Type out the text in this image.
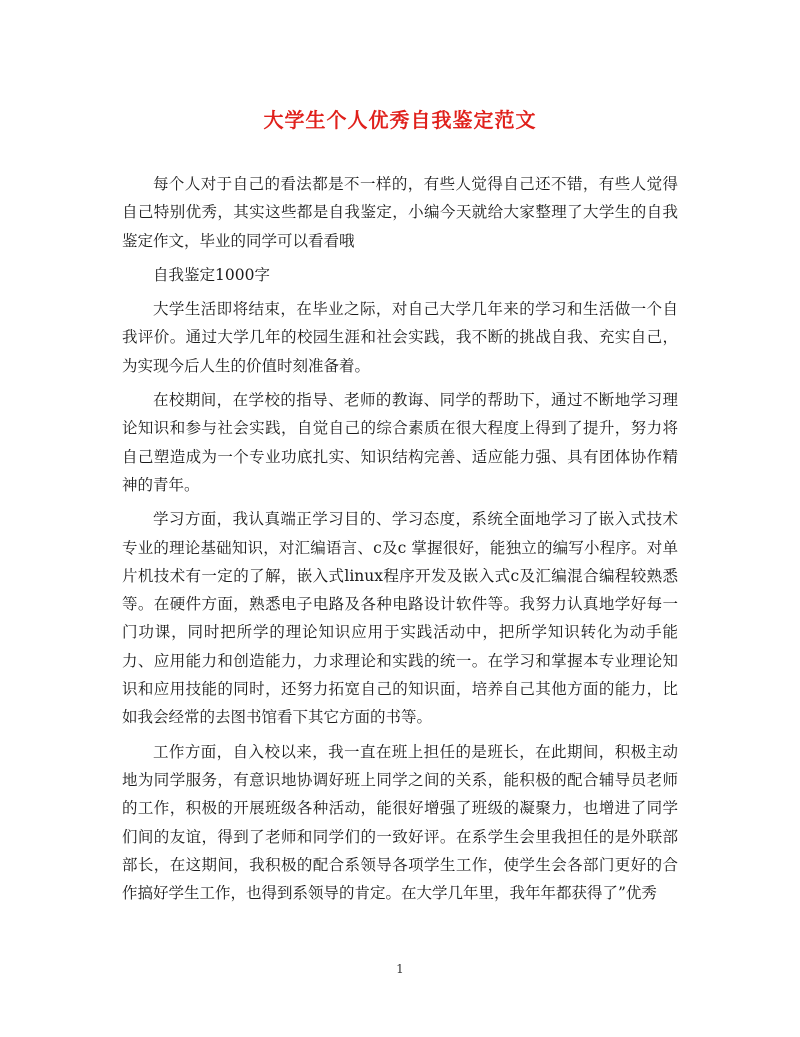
大学生个人优秀自我鉴定范文

每个人对于自己的看法都是不一样的，有些人觉得自己还不错，有些人觉得自己特别优秀，其实这些都是自我鉴定，小编今天就给大家整理了大学生的自我鉴定作文，毕业的同学可以看看哦

自我鉴定1000字

大学生活即将结束，在毕业之际，对自己大学几年来的学习和生活做一个自我评价。通过大学几年的校园生涯和社会实践，我不断的挑战自我、充实自己，为实现今后人生的价值时刻准备着。

在校期间，在学校的指导、老师的教诲、同学的帮助下，通过不断地学习理论知识和参与社会实践，自觉自己的综合素质在很大程度上得到了提升，努力将自己塑造成为一个专业功底扎实、知识结构完善、适应能力强、具有团体协作精神的青年。

学习方面，我认真端正学习目的、学习态度，系统全面地学习了嵌入式技术专业的理论基础知识，对汇编语言、c及c 掌握很好，能独立的编写小程序。对单片机技术有一定的了解，嵌入式linux程序开发及嵌入式c及汇编混合编程较熟悉等。在硬件方面，熟悉电子电路及各种电路设计软件等。我努力认真地学好每一门功课，同时把所学的理论知识应用于实践活动中，把所学知识转化为动手能力、应用能力和创造能力，力求理论和实践的统一。在学习和掌握本专业理论知识和应用技能的同时，还努力拓宽自己的知识面，培养自己其他方面的能力，比如我会经常的去图书馆看下其它方面的书等。

工作方面，自入校以来，我一直在班上担任的是班长，在此期间，积极主动地为同学服务，有意识地协调好班上同学之间的关系，能积极的配合辅导员老师的工作，积极的开展班级各种活动，能很好增强了班级的凝聚力，也增进了同学们间的友谊，得到了老师和同学们的一致好评。在系学生会里我担任的是外联部部长，在这期间，我积极的配合系领导各项学生工作，使学生会各部门更好的合作搞好学生工作，也得到系领导的肯定。在大学几年里，我年年都获得了”优秀

1
